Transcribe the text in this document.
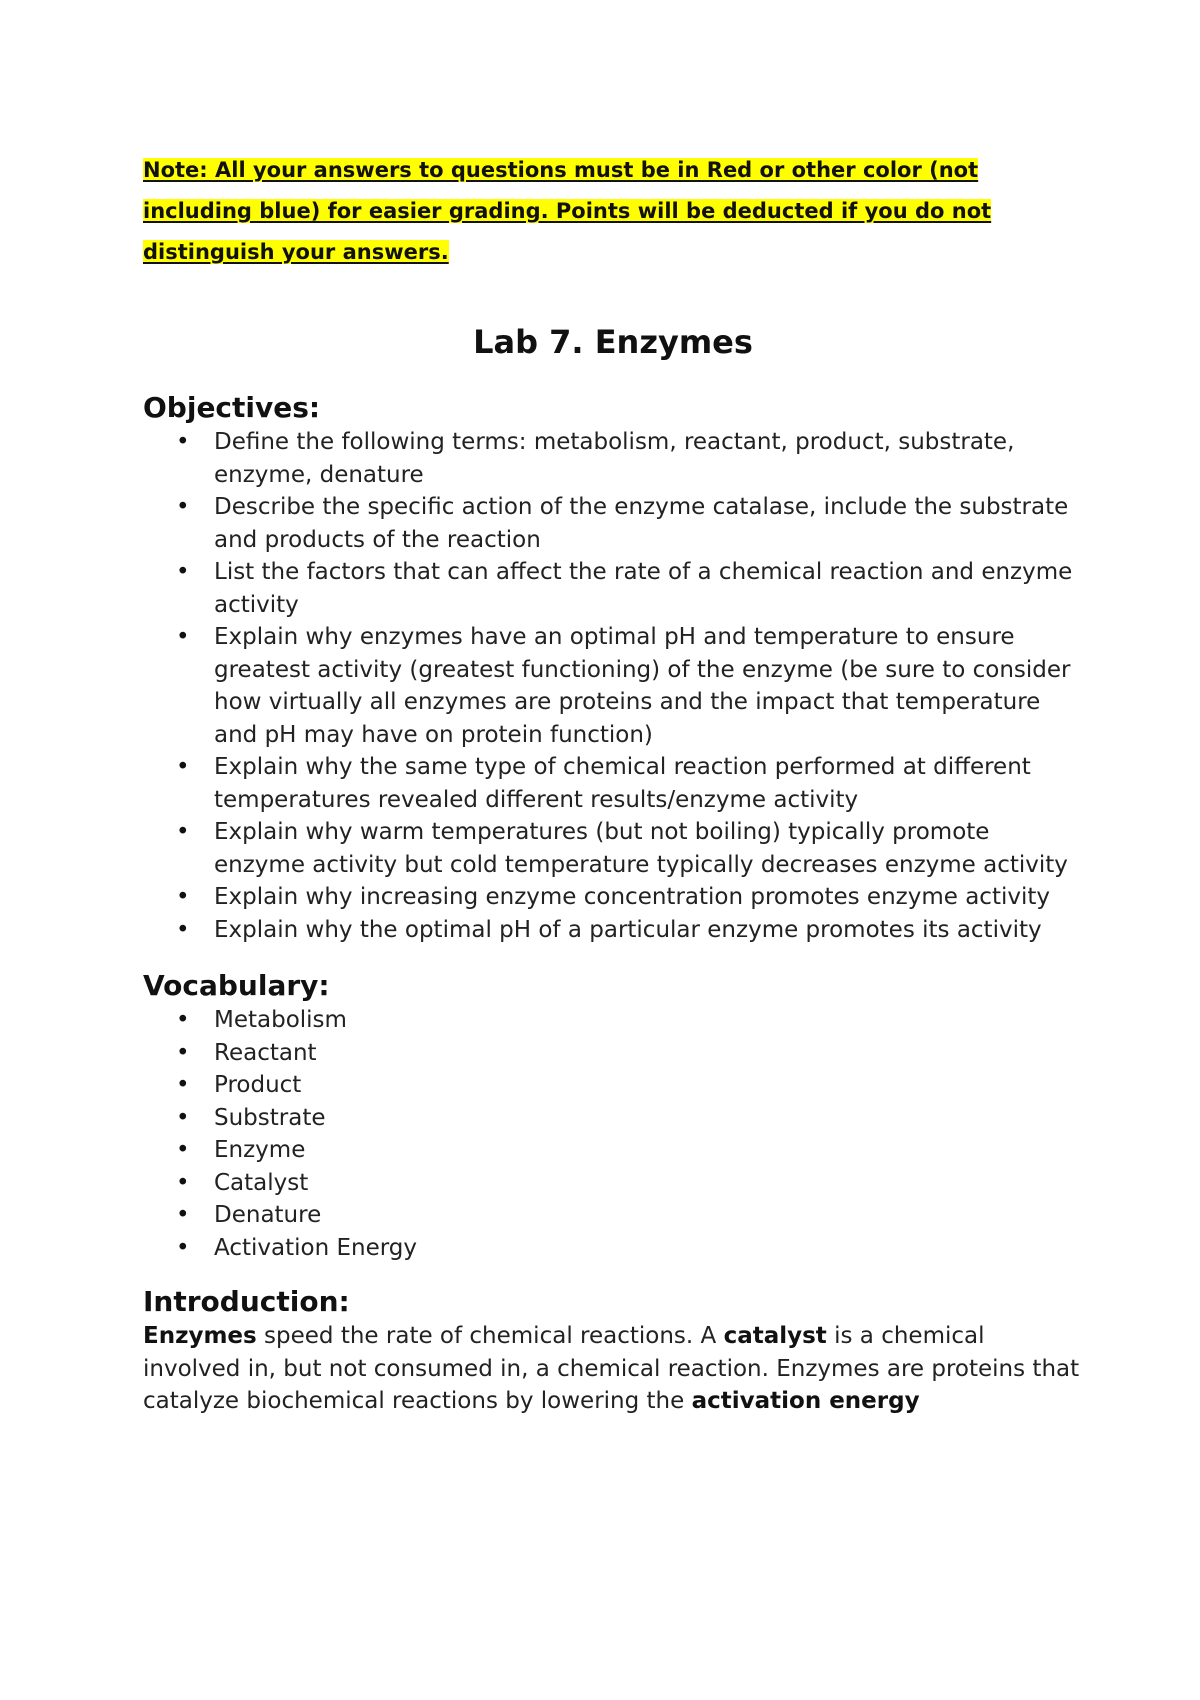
Note: All your answers to questions must be in Red or other color (not including blue) for easier grading. Points will be deducted if you do not distinguish your answers.

Lab 7. Enzymes
Objectives:
• Define the following terms: metabolism, reactant, product, substrate, enzyme, denature
• Describe the specific action of the enzyme catalase, include the substrate and products of the reaction
• List the factors that can affect the rate of a chemical reaction and enzyme activity
• Explain why enzymes have an optimal pH and temperature to ensure greatest activity (greatest functioning) of the enzyme (be sure to consider how virtually all enzymes are proteins and the impact that temperature and pH may have on protein function)
• Explain why the same type of chemical reaction performed at different temperatures revealed different results/enzyme activity
• Explain why warm temperatures (but not boiling) typically promote enzyme activity but cold temperature typically decreases enzyme activity
• Explain why increasing enzyme concentration promotes enzyme activity
• Explain why the optimal pH of a particular enzyme promotes its activity
Vocabulary:
• Metabolism
• Reactant
• Product
• Substrate
• Enzyme
• Catalyst
• Denature
• Activation Energy
Introduction:

Enzymes speed the rate of chemical reactions. A catalyst is a chemical involved in, but not consumed in, a chemical reaction. Enzymes are proteins that catalyze biochemical reactions by lowering the activation energy
